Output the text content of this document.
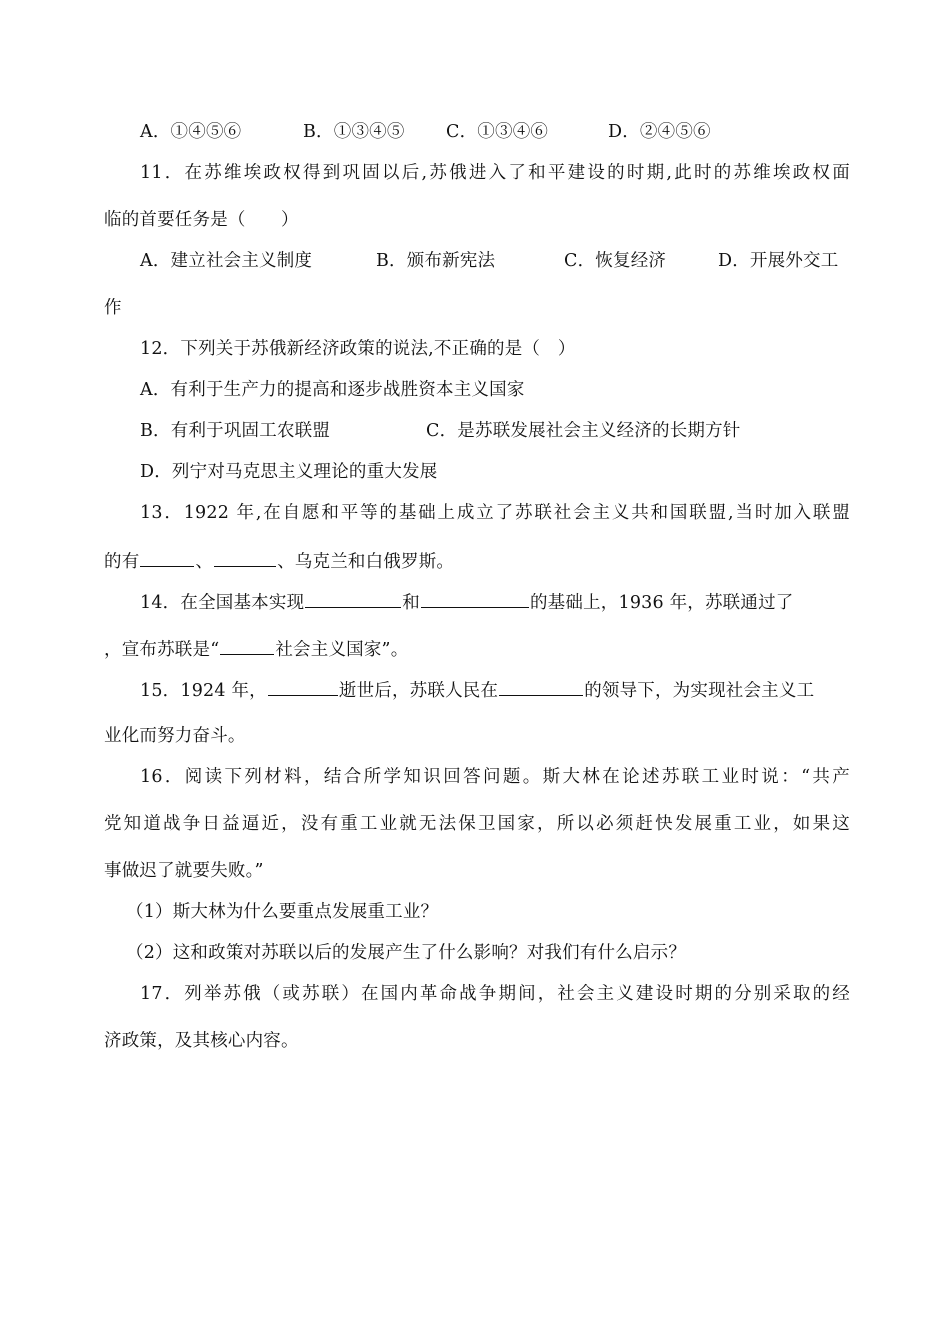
A．①④⑤⑥	B．①③④⑤ C．①③④⑥	D．②④⑤⑥
11．在苏维埃政权得到巩固以后,苏俄进入了和平建设的时期,此时的苏维埃政权面
临的首要任务是（　　）
A．建立社会主义制度	B．颁布新宪法	C．恢复经济	D．开展外交工
作
12．下列关于苏俄新经济政策的说法,不正确的是（　）
A．有利于生产力的提高和逐步战胜资本主义国家
B．有利于巩固工农联盟	C．是苏联发展社会主义经济的长期方针
D．列宁对马克思主义理论的重大发展
13．1922 年,在自愿和平等的基础上成立了苏联社会主义共和国联盟,当时加入联盟
的有	、	、乌克兰和白俄罗斯。
14．在全国基本实现	和	的基础上，1936 年，苏联通过了
，宣布苏联是“	社会主义国家”。
15．1924 年，	逝世后，苏联人民在	的领导下，为实现社会主义工
业化而努力奋斗。
16．阅读下列材料，结合所学知识回答问题。斯大林在论述苏联工业时说：“共产
党知道战争日益逼近，没有重工业就无法保卫国家，所以必须赶快发展重工业，如果这
事做迟了就要失败。”
（1）斯大林为什么要重点发展重工业？
（2）这和政策对苏联以后的发展产生了什么影响？对我们有什么启示？
17．列举苏俄（或苏联）在国内革命战争期间，社会主义建设时期的分别采取的经
济政策，及其核心内容。
